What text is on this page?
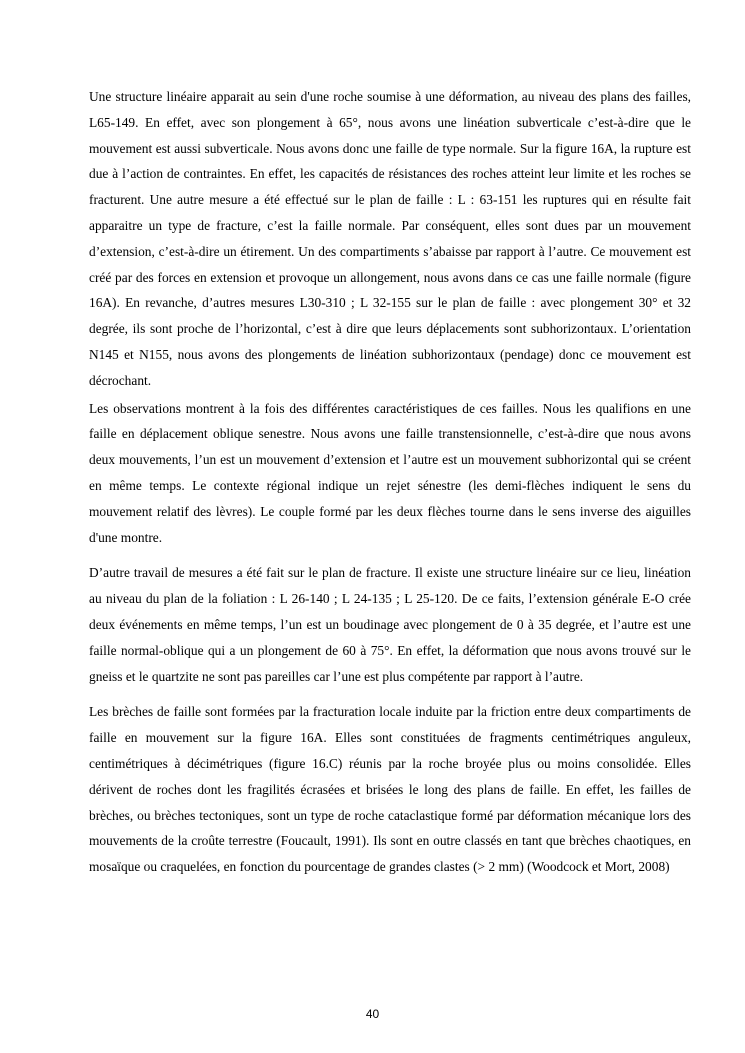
Une structure linéaire apparait au sein d'une roche soumise à une déformation, au niveau des plans des failles, L65-149. En effet, avec son plongement à 65°, nous avons une linéation subverticale c’est-à-dire que le mouvement est aussi subverticale. Nous avons donc une faille de type normale. Sur la figure 16A, la rupture est due à l’action de contraintes. En effet, les capacités de résistances des roches atteint leur limite et les roches se fracturent. Une autre mesure a été effectué sur le plan de faille : L : 63-151 les ruptures qui en résulte fait apparaitre un type de fracture, c’est la faille normale. Par conséquent, elles sont dues par un mouvement d’extension, c’est-à-dire un étirement. Un des compartiments s’abaisse par rapport à l’autre. Ce mouvement est créé par des forces en extension et provoque un allongement, nous avons dans ce cas une faille normale (figure 16A). En revanche, d’autres mesures L30-310 ; L 32-155 sur le plan de faille : avec plongement 30° et 32 degrée, ils sont proche de l’horizontal, c’est à dire que leurs déplacements sont subhorizontaux. L’orientation N145 et N155, nous avons des plongements de linéation subhorizontaux (pendage) donc ce mouvement est décrochant.

Les observations montrent à la fois des différentes caractéristiques de ces failles. Nous les qualifions en une faille en déplacement oblique senestre. Nous avons une faille transtensionnelle, c’est-à-dire que nous avons deux mouvements, l’un est un mouvement d’extension et l’autre est un mouvement subhorizontal qui se créent en même temps. Le contexte régional indique un rejet sénestre (les demi-flèches indiquent le sens du mouvement relatif des lèvres). Le couple formé par les deux flèches tourne dans le sens inverse des aiguilles d'une montre.

D’autre travail de mesures a été fait sur le plan de fracture. Il existe une structure linéaire sur ce lieu, linéation au niveau du plan de la foliation : L 26-140 ; L 24-135 ; L 25-120. De ce faits, l’extension générale E-O crée deux événements en même temps, l’un est un boudinage avec plongement de 0 à 35 degrée, et l’autre est une faille normal-oblique qui a un plongement de 60 à 75°. En effet, la déformation que nous avons trouvé sur le gneiss et le quartzite ne sont pas pareilles car l’une est plus compétente par rapport à l’autre.

Les brèches de faille sont formées par la fracturation locale induite par la friction entre deux compartiments de faille en mouvement sur la figure 16A. Elles sont constituées de fragments centimétriques anguleux, centimétriques à décimétriques (figure 16.C) réunis par la roche broyée plus ou moins consolidée. Elles dérivent de roches dont les fragilités écrasées et brisées le long des plans de faille. En effet, les failles de brèches, ou brèches tectoniques, sont un type de roche cataclastique formé par déformation mécanique lors des mouvements de la croûte terrestre (Foucault, 1991). Ils sont en outre classés en tant que brèches chaotiques, en mosaïque ou craquelées, en fonction du pourcentage de grandes clastes (> 2 mm) (Woodcock et Mort, 2008)

40
